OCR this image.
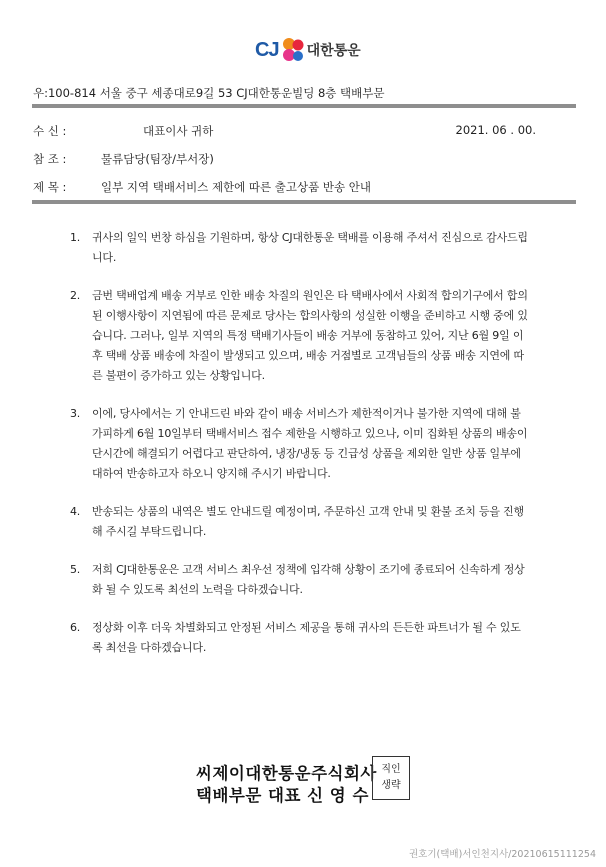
CJ 대한통운
우:100-814 서울 중구 세종대로9길 53 CJ대한통운빌딩 8층 택배부문
수 신 :	대표이사 귀하	2021. 06 . 00.
참 조 :	물류담당(팀장/부서장)
제 목 :	일부 지역 택배서비스 제한에 따른 출고상품 반송 안내
1.	귀사의 일익 번창 하심을 기원하며, 항상 CJ대한통운 택배를 이용해 주셔서 진심으로 감사드립니다.
2.	금번 택배업계 배송 거부로 인한 배송 차질의 원인은 타 택배사에서 사회적 합의기구에서 합의된 이행사항이 지연됨에 따른 문제로 당사는 합의사항의 성실한 이행을 준비하고 시행 중에 있습니다. 그러나, 일부 지역의 특정 택배기사들이 배송 거부에 동참하고 있어, 지난 6월 9일 이후 택배 상품 배송에 차질이 발생되고 있으며, 배송 거점별로 고객님들의 상품 배송 지연에 따른 불편이 증가하고 있는 상황입니다.
3.	이에, 당사에서는 기 안내드린 바와 같이 배송 서비스가 제한적이거나 불가한 지역에 대해 불가피하게 6월 10일부터 택배서비스 접수 제한을 시행하고 있으나, 이미 집화된 상품의 배송이 단시간에 해결되기 어렵다고 판단하여, 냉장/냉동 등 긴급성 상품을 제외한 일반 상품 일부에 대하여 반송하고자 하오니 양지해 주시기 바랍니다.
4.	반송되는 상품의 내역은 별도 안내드릴 예정이며, 주문하신 고객 안내 및 환불 조치 등을 진행해 주시길 부탁드립니다.
5.	저희 CJ대한통운은 고객 서비스 최우선 정책에 입각해 상황이 조기에 종료되어 신속하게 정상화 될 수 있도록 최선의 노력을 다하겠습니다.
6.	정상화 이후 더욱 차별화되고 안정된 서비스 제공을 통해 귀사의 든든한 파트너가 될 수 있도록 최선을 다하겠습니다.
씨제이대한통운주식회사
택배부문 대표 신 영 수
직인
생략
권호기(택배)서인천지사/20210615111254
